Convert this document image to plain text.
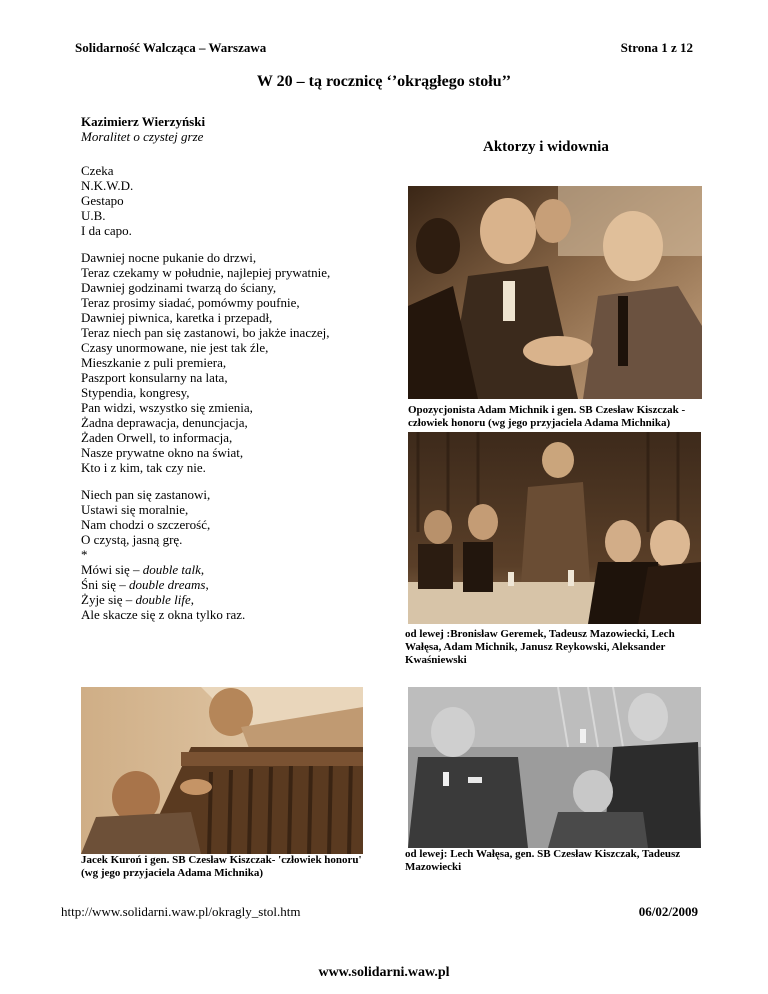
Solidarność Walcząca – Warszawa	Strona 1 z 12
W 20 – tą rocznicę ‘’okrągłego stołu’’
Kazimierz Wierzyński
Moralitet o czystej grze
Czeka
N.K.W.D.
Gestapo
U.B.
I da capo.
Dawniej nocne pukanie do drzwi,
Teraz czekamy w południe, najlepiej prywatnie,
Dawniej godzinami twarzą do ściany,
Teraz prosimy siadać, pomówmy poufnie,
Dawniej piwnica, karetka i przepadł,
Teraz niech pan się zastanowi, bo jakże inaczej,
Czasy unormowane, nie jest tak źle,
Mieszkanie z puli premiera,
Paszport konsularny na lata,
Stypendia, kongresy,
Pan widzi, wszystko się zmienia,
Żadna deprawacja, denuncjacja,
Żaden Orwell, to informacja,
Nasze prywatne okno na świat,
Kto i z kim, tak czy nie.
Niech pan się zastanowi,
Ustawi się moralnie,
Nam chodzi o szczerość,
O czystą, jasną grę.
*
Mówi się – double talk,
Śni się – double dreams,
Żyje się – double life,
Ale skacze się z okna tylko raz.
Aktorzy i widownia
Opozycjonista Adam Michnik i gen. SB Czesław Kiszczak - człowiek honoru (wg jego przyjaciela Adama Michnika)
od lewej :Bronisław Geremek, Tadeusz Mazowiecki, Lech Wałęsa, Adam Michnik, Janusz Reykowski, Aleksander Kwaśniewski
Jacek Kuroń i gen. SB Czesław Kiszczak- 'człowiek honoru' (wg jego przyjaciela Adama Michnika)
od lewej: Lech Wałęsa, gen. SB Czesław Kiszczak, Tadeusz Mazowiecki
http://www.solidarni.waw.pl/okragly_stol.htm	06/02/2009
www.solidarni.waw.pl
